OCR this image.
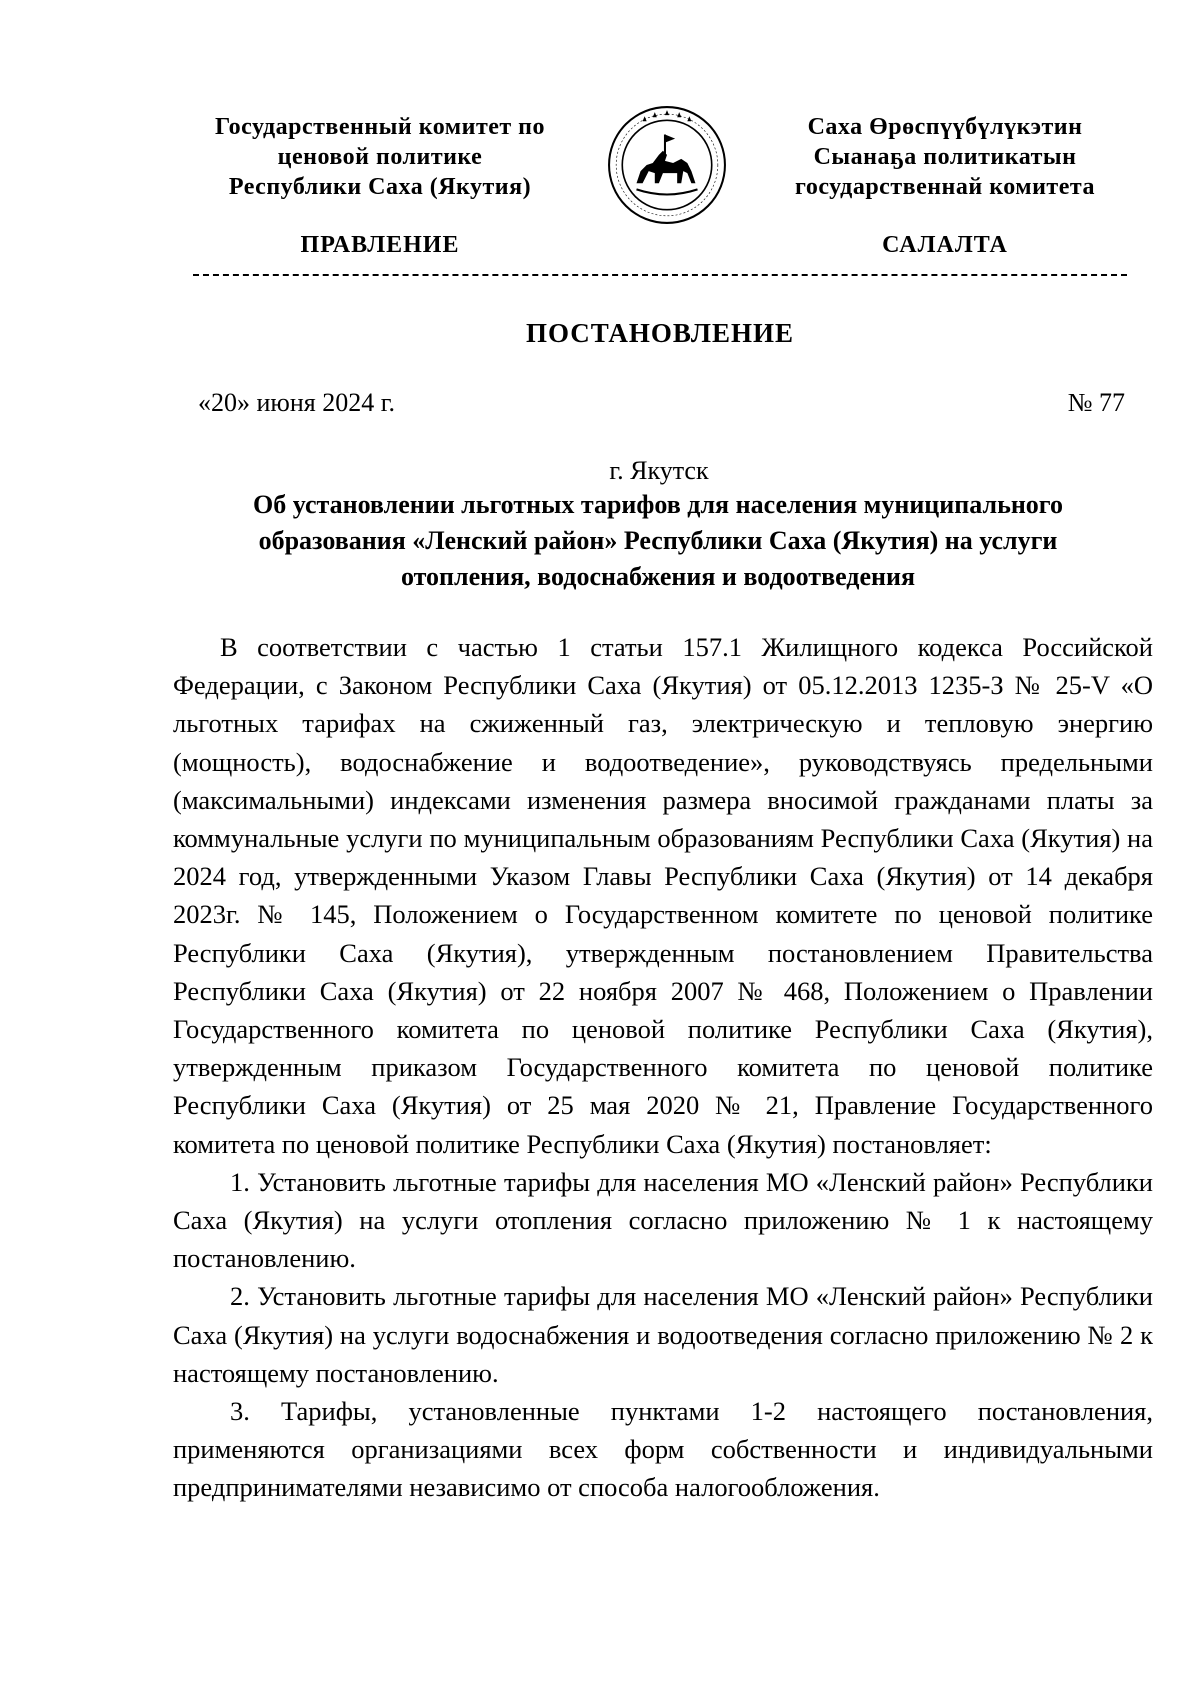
Государственный комитет по
ценовой политике
Республики Саха (Якутия)
Саха Өрөспүүбүлүкэтин
Сыанаҕа политикатын
государственнай комитета
ПРАВЛЕНИЕ	САЛАЛТА
ПОСТАНОВЛЕНИЕ
«20» июня 2024 г.	№ 77
г. Якутск
Об установлении льготных тарифов для населения муниципального
образования «Ленский район» Республики Саха (Якутия) на услуги
отопления, водоснабжения и водоотведения

В соответствии с частью 1 статьи 157.1 Жилищного кодекса Российской Федерации, с Законом Республики Саха (Якутия) от 05.12.2013 1235-З № 25-V «О льготных тарифах на сжиженный газ, электрическую и тепловую энергию (мощность), водоснабжение и водоотведение», руководствуясь предельными (максимальными) индексами изменения размера вносимой гражданами платы за коммунальные услуги по муниципальным образованиям Республики Саха (Якутия) на 2024 год, утвержденными Указом Главы Республики Саха (Якутия) от 14 декабря 2023г. № 145, Положением о Государственном комитете по ценовой политике Республики Саха (Якутия), утвержденным постановлением Правительства Республики Саха (Якутия) от 22 ноября 2007 № 468, Положением о Правлении Государственного комитета по ценовой политике Республики Саха (Якутия), утвержденным приказом Государственного комитета по ценовой политике Республики Саха (Якутия) от 25 мая 2020 № 21, Правление Государственного комитета по ценовой политике Республики Саха (Якутия) постановляет:

1. Установить льготные тарифы для населения МО «Ленский район» Республики Саха (Якутия) на услуги отопления согласно приложению № 1 к настоящему постановлению.

2. Установить льготные тарифы для населения МО «Ленский район» Республики Саха (Якутия) на услуги водоснабжения и водоотведения согласно приложению № 2 к настоящему постановлению.

3. Тарифы, установленные пунктами 1-2 настоящего постановления, применяются организациями всех форм собственности и индивидуальными предпринимателями независимо от способа налогообложения.
